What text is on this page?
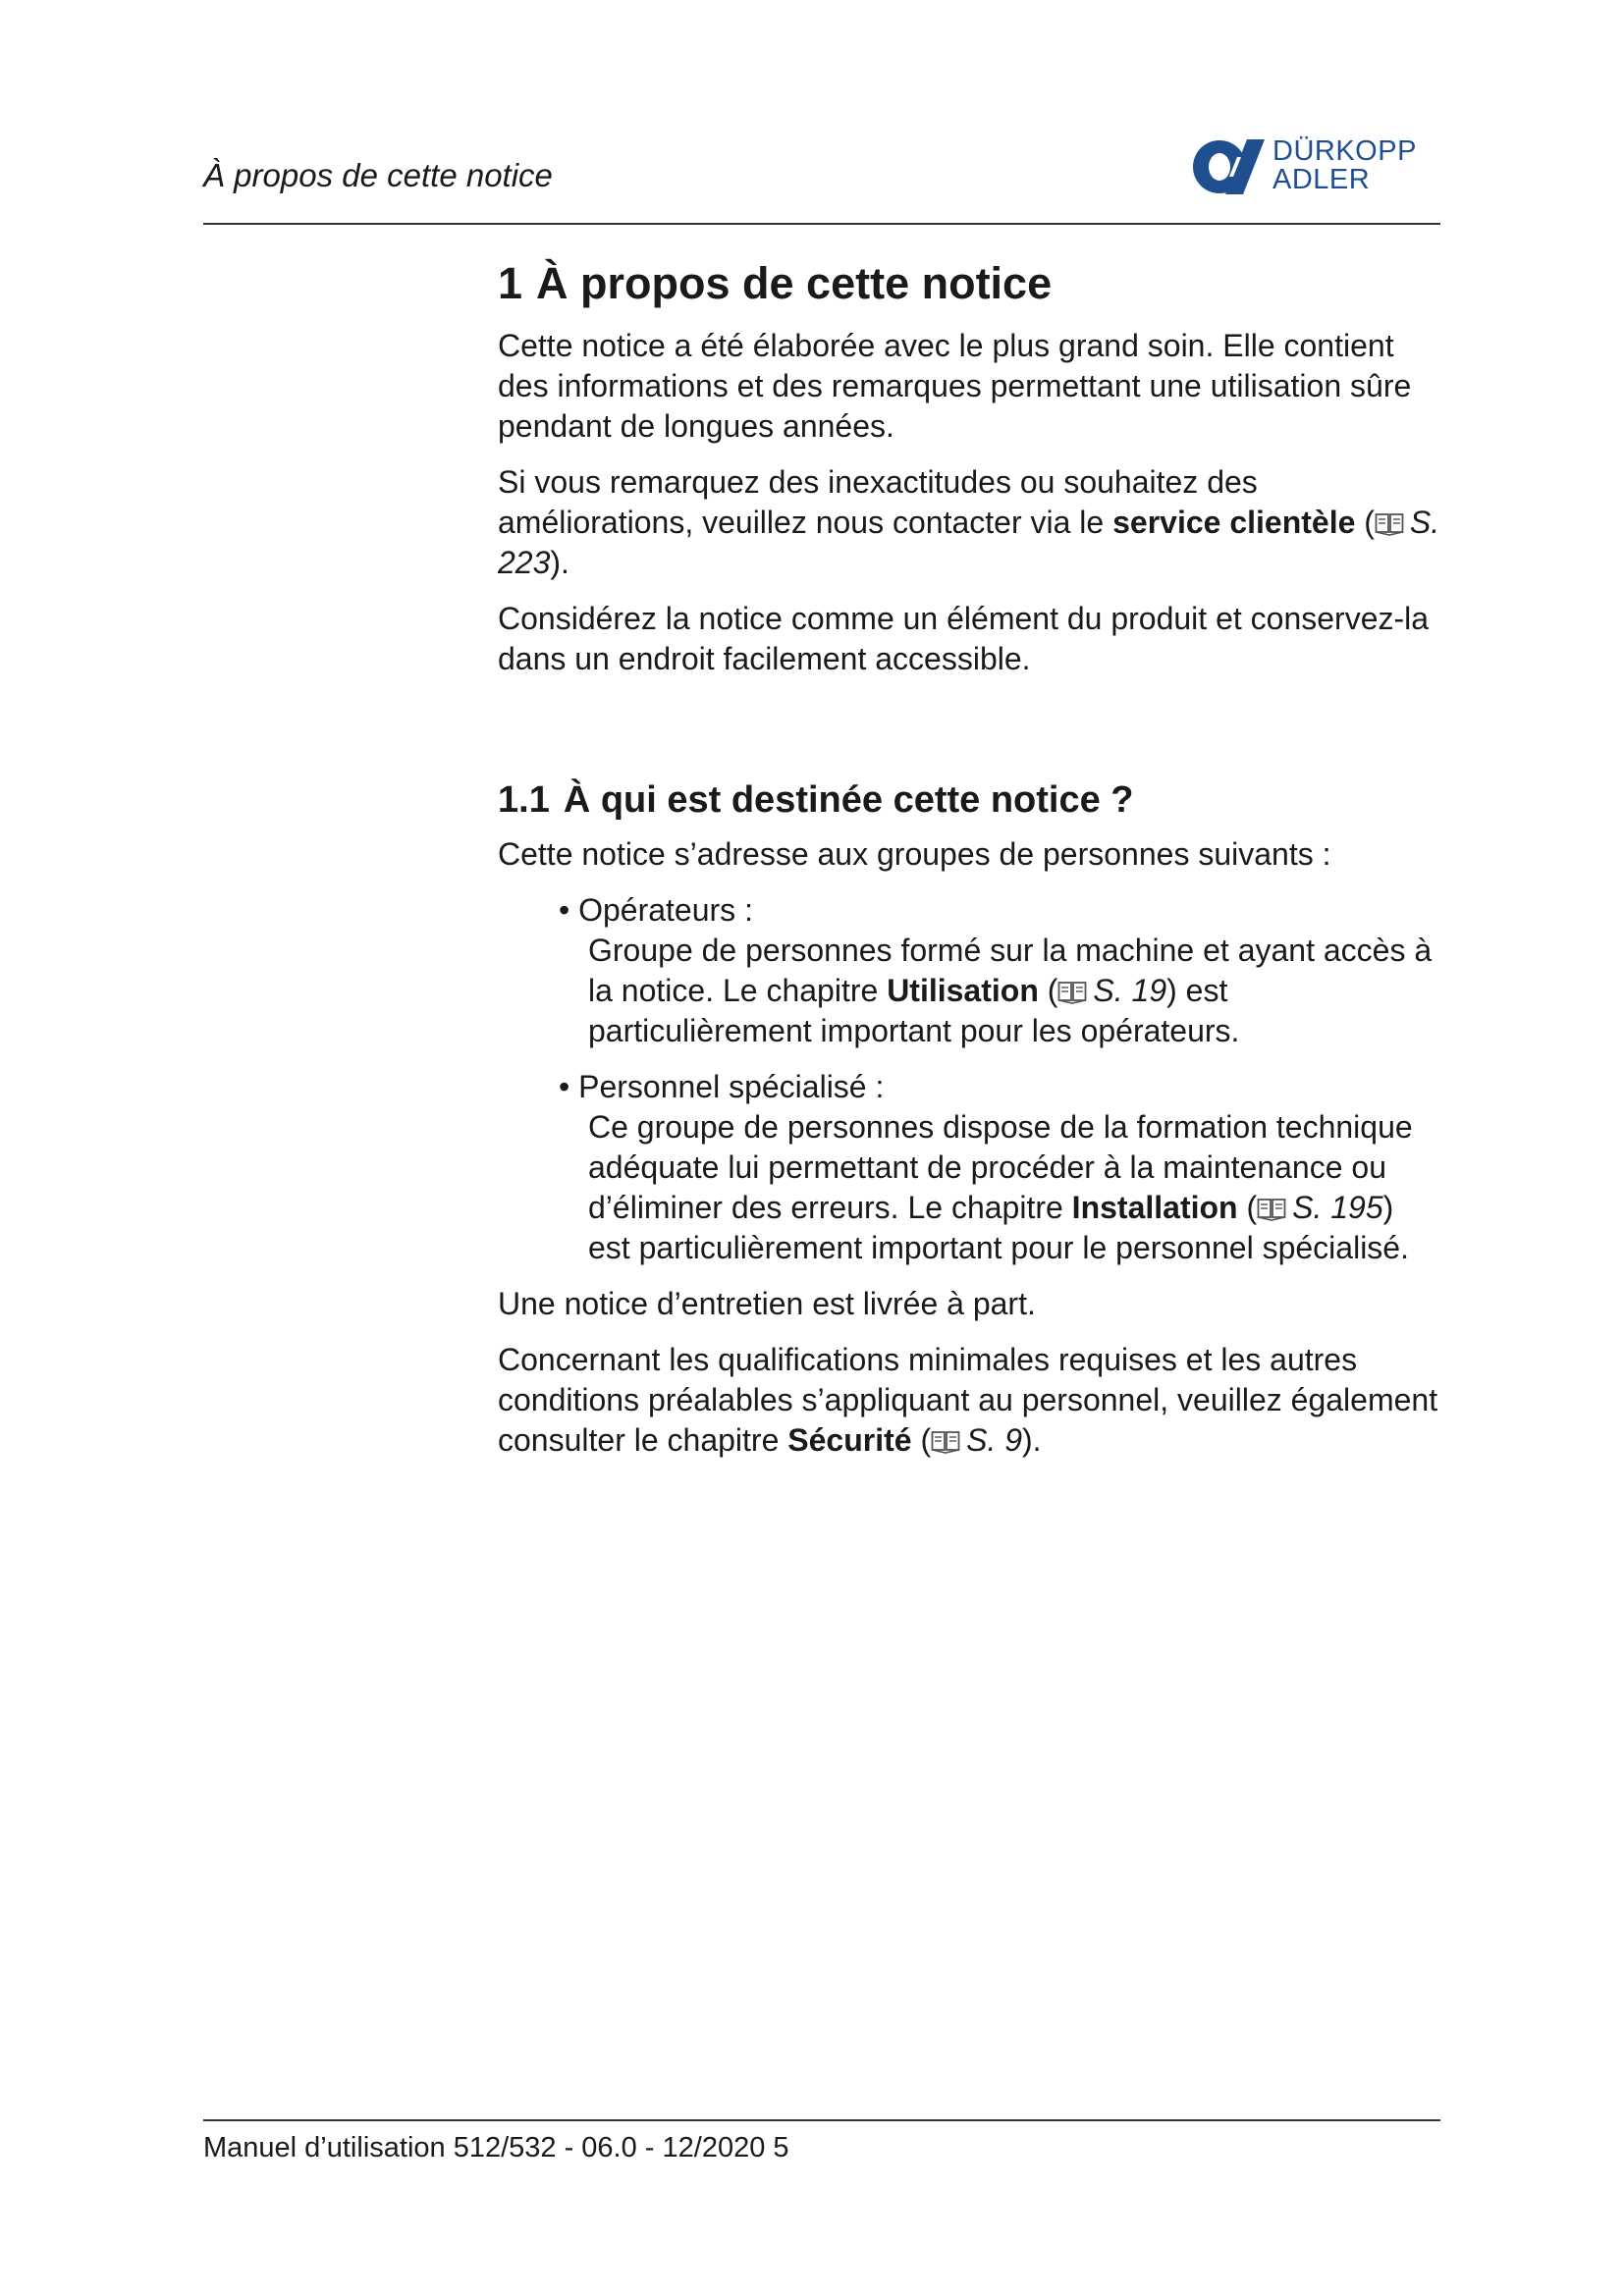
À propos de cette notice
DÜRKOPP
ADLER
1 À propos de cette notice

Cette notice a été élaborée avec le plus grand soin. Elle contient des informations et des remarques permettant une utilisation sûre pendant de longues années.

Si vous remarquez des inexactitudes ou souhaitez des améliorations, veuillez nous contacter via le service clientèle ( S. 223).

Considérez la notice comme un élément du produit et conservez-la dans un endroit facilement accessible.

1.1 À qui est destinée cette notice ?

Cette notice s’adresse aux groupes de personnes suivants :

• Opérateurs :
Groupe de personnes formé sur la machine et ayant accès à la notice. Le chapitre Utilisation ( S. 19) est particulièrement important pour les opérateurs.
• Personnel spécialisé :
Ce groupe de personnes dispose de la formation technique adéquate lui permettant de procéder à la maintenance ou d’éliminer des erreurs. Le chapitre Installation ( S. 195) est particulièrement important pour le personnel spécialisé.

Une notice d’entretien est livrée à part.

Concernant les qualifications minimales requises et les autres conditions préalables s’appliquant au personnel, veuillez également consulter le chapitre Sécurité ( S. 9).

Manuel d’utilisation 512/532 - 06.0 - 12/2020 5
